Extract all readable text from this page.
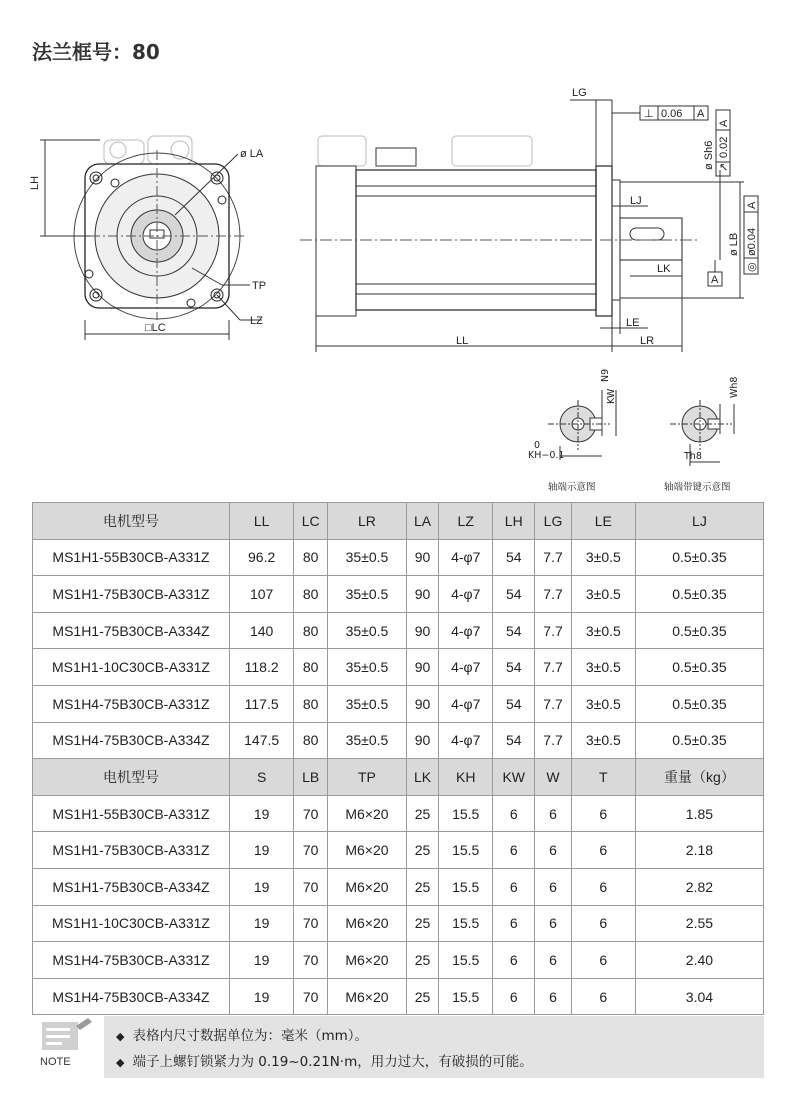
法兰框号：80
LH
ø LA
TP
LZ
□LC
LG
LL	LR
LE
LJ
LK
ø LB
ø Sh6
⊥ 0.06 A
↗
0.02
A
◎
ø0.04
A
A
N9
KW
0
KH−0.1
轴端示意图
Wh8
Th8
轴端带键示意图
电机型号	LL	LC	LR	LA	LZ	LH	LG	LE	LJ
MS1H1-55B30CB-A331Z	96.2	80	35±0.5	90	4-φ7	54	7.7	3±0.5	0.5±0.35
MS1H1-75B30CB-A331Z	107	80	35±0.5	90	4-φ7	54	7.7	3±0.5	0.5±0.35
MS1H1-75B30CB-A334Z	140	80	35±0.5	90	4-φ7	54	7.7	3±0.5	0.5±0.35
MS1H1-10C30CB-A331Z	118.2	80	35±0.5	90	4-φ7	54	7.7	3±0.5	0.5±0.35
MS1H4-75B30CB-A331Z	117.5	80	35±0.5	90	4-φ7	54	7.7	3±0.5	0.5±0.35
MS1H4-75B30CB-A334Z	147.5	80	35±0.5	90	4-φ7	54	7.7	3±0.5	0.5±0.35
电机型号	S	LB	TP	LK	KH	KW	W	T	重量（kg）
MS1H1-55B30CB-A331Z	19	70	M6×20	25	15.5	6	6	6	1.85
MS1H1-75B30CB-A331Z	19	70	M6×20	25	15.5	6	6	6	2.18
MS1H1-75B30CB-A334Z	19	70	M6×20	25	15.5	6	6	6	2.82
MS1H1-10C30CB-A331Z	19	70	M6×20	25	15.5	6	6	6	2.55
MS1H4-75B30CB-A331Z	19	70	M6×20	25	15.5	6	6	6	2.40
MS1H4-75B30CB-A334Z	19	70	M6×20	25	15.5	6	6	6	3.04
NOTE
◆ 表格内尺寸数据单位为：毫米（mm）。
◆ 端子上螺钉锁紧力为 0.19~0.21N·m，用力过大，有破损的可能。
